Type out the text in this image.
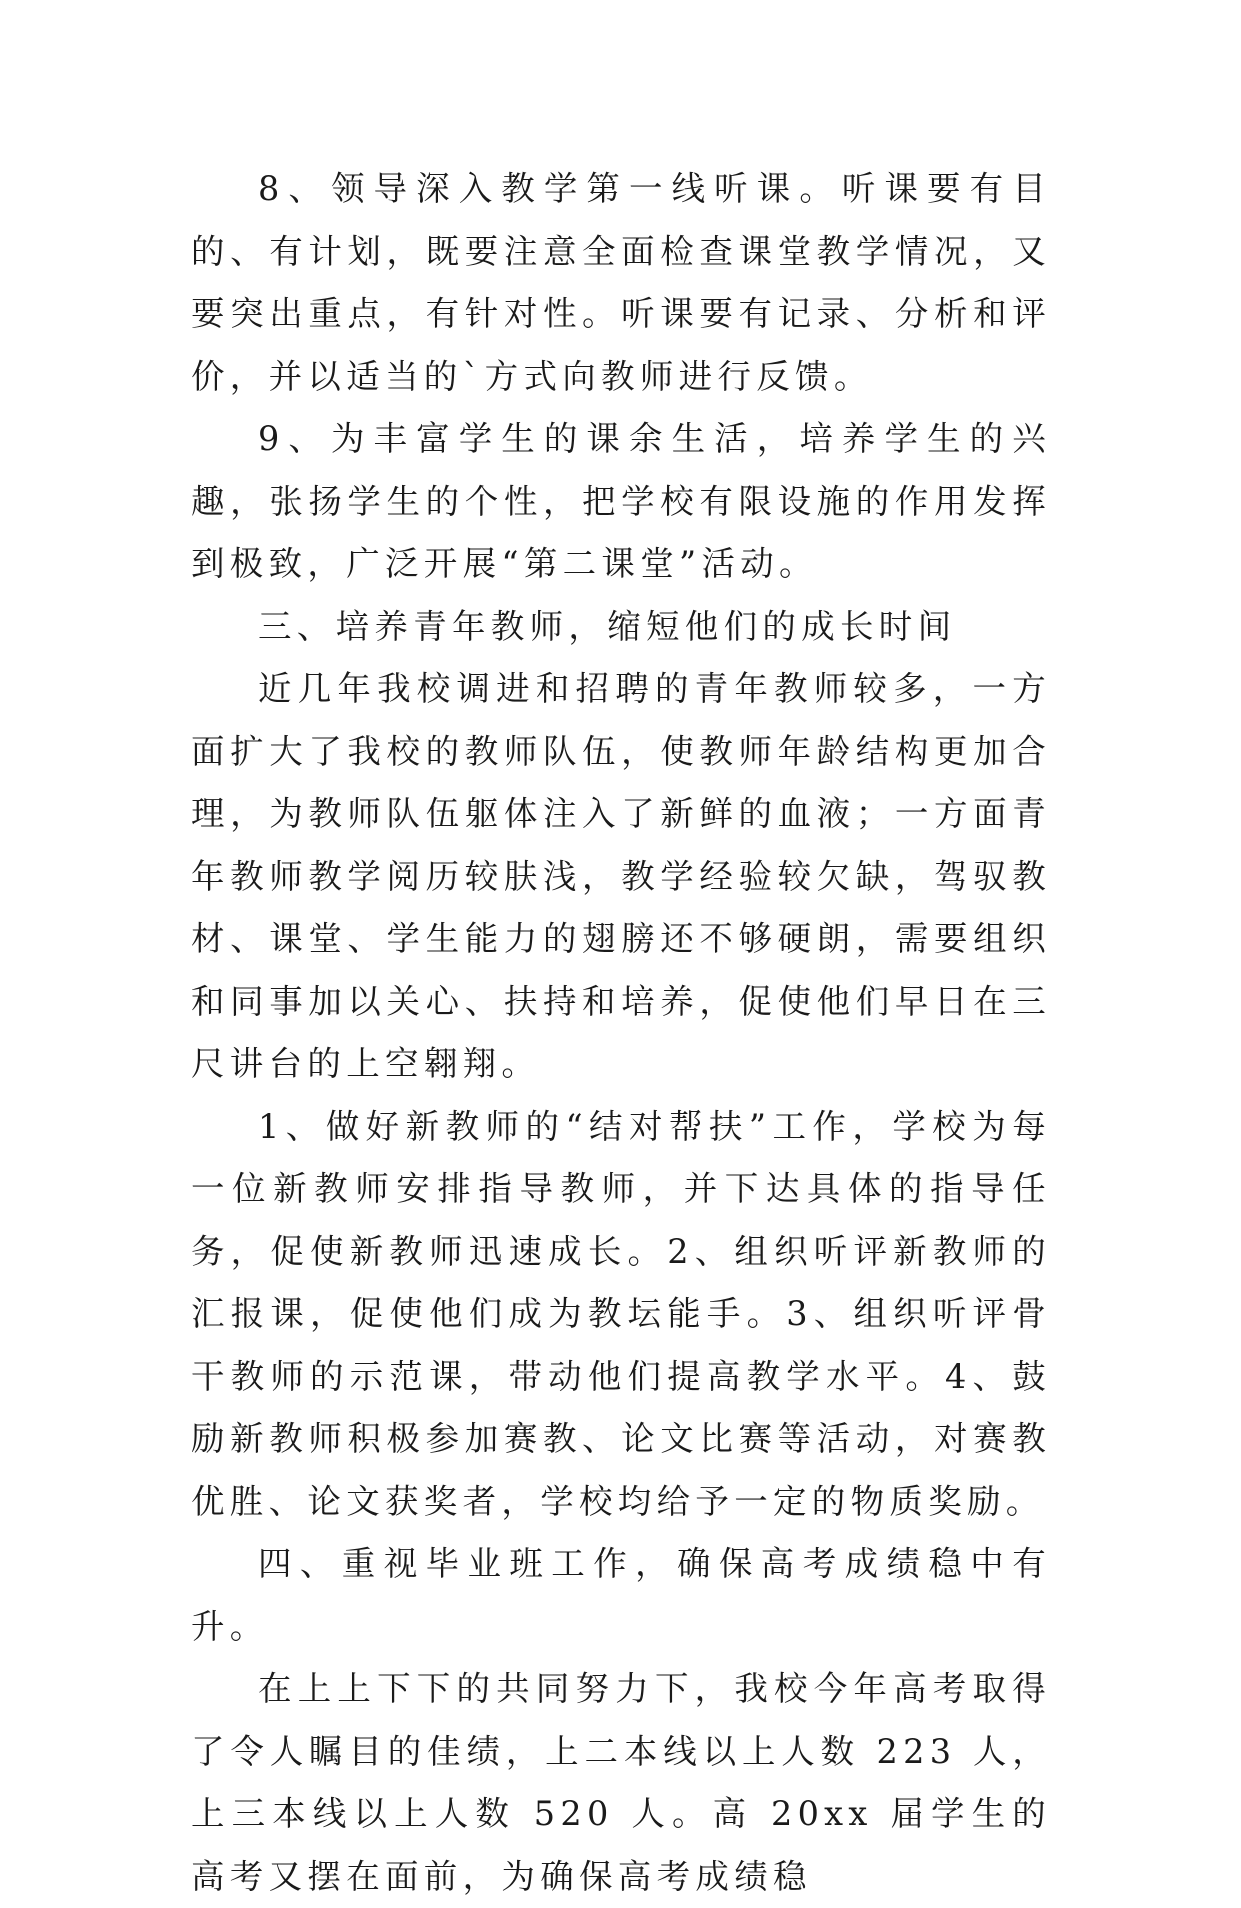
8、领导深入教学第一线听课。听课要有目的、有计划，既要注意全面检查课堂教学情况，又要突出重点，有针对性。听课要有记录、分析和评价，并以适当的`方式向教师进行反馈。

9、为丰富学生的课余生活，培养学生的兴趣，张扬学生的个性，把学校有限设施的作用发挥到极致，广泛开展“第二课堂”活动。

三、培养青年教师，缩短他们的成长时间

近几年我校调进和招聘的青年教师较多，一方面扩大了我校的教师队伍，使教师年龄结构更加合理，为教师队伍躯体注入了新鲜的血液；一方面青年教师教学阅历较肤浅，教学经验较欠缺，驾驭教材、课堂、学生能力的翅膀还不够硬朗，需要组织和同事加以关心、扶持和培养，促使他们早日在三尺讲台的上空翱翔。

1、做好新教师的“结对帮扶”工作，学校为每一位新教师安排指导教师，并下达具体的指导任务，促使新教师迅速成长。2、组织听评新教师的汇报课，促使他们成为教坛能手。3、组织听评骨干教师的示范课，带动他们提高教学水平。4、鼓励新教师积极参加赛教、论文比赛等活动，对赛教优胜、论文获奖者，学校均给予一定的物质奖励。

四、重视毕业班工作，确保高考成绩稳中有升。

在上上下下的共同努力下，我校今年高考取得了令人瞩目的佳绩，上二本线以上人数 223 人，上三本线以上人数 520 人。高 20xx 届学生的高考又摆在面前，为确保高考成绩稳
